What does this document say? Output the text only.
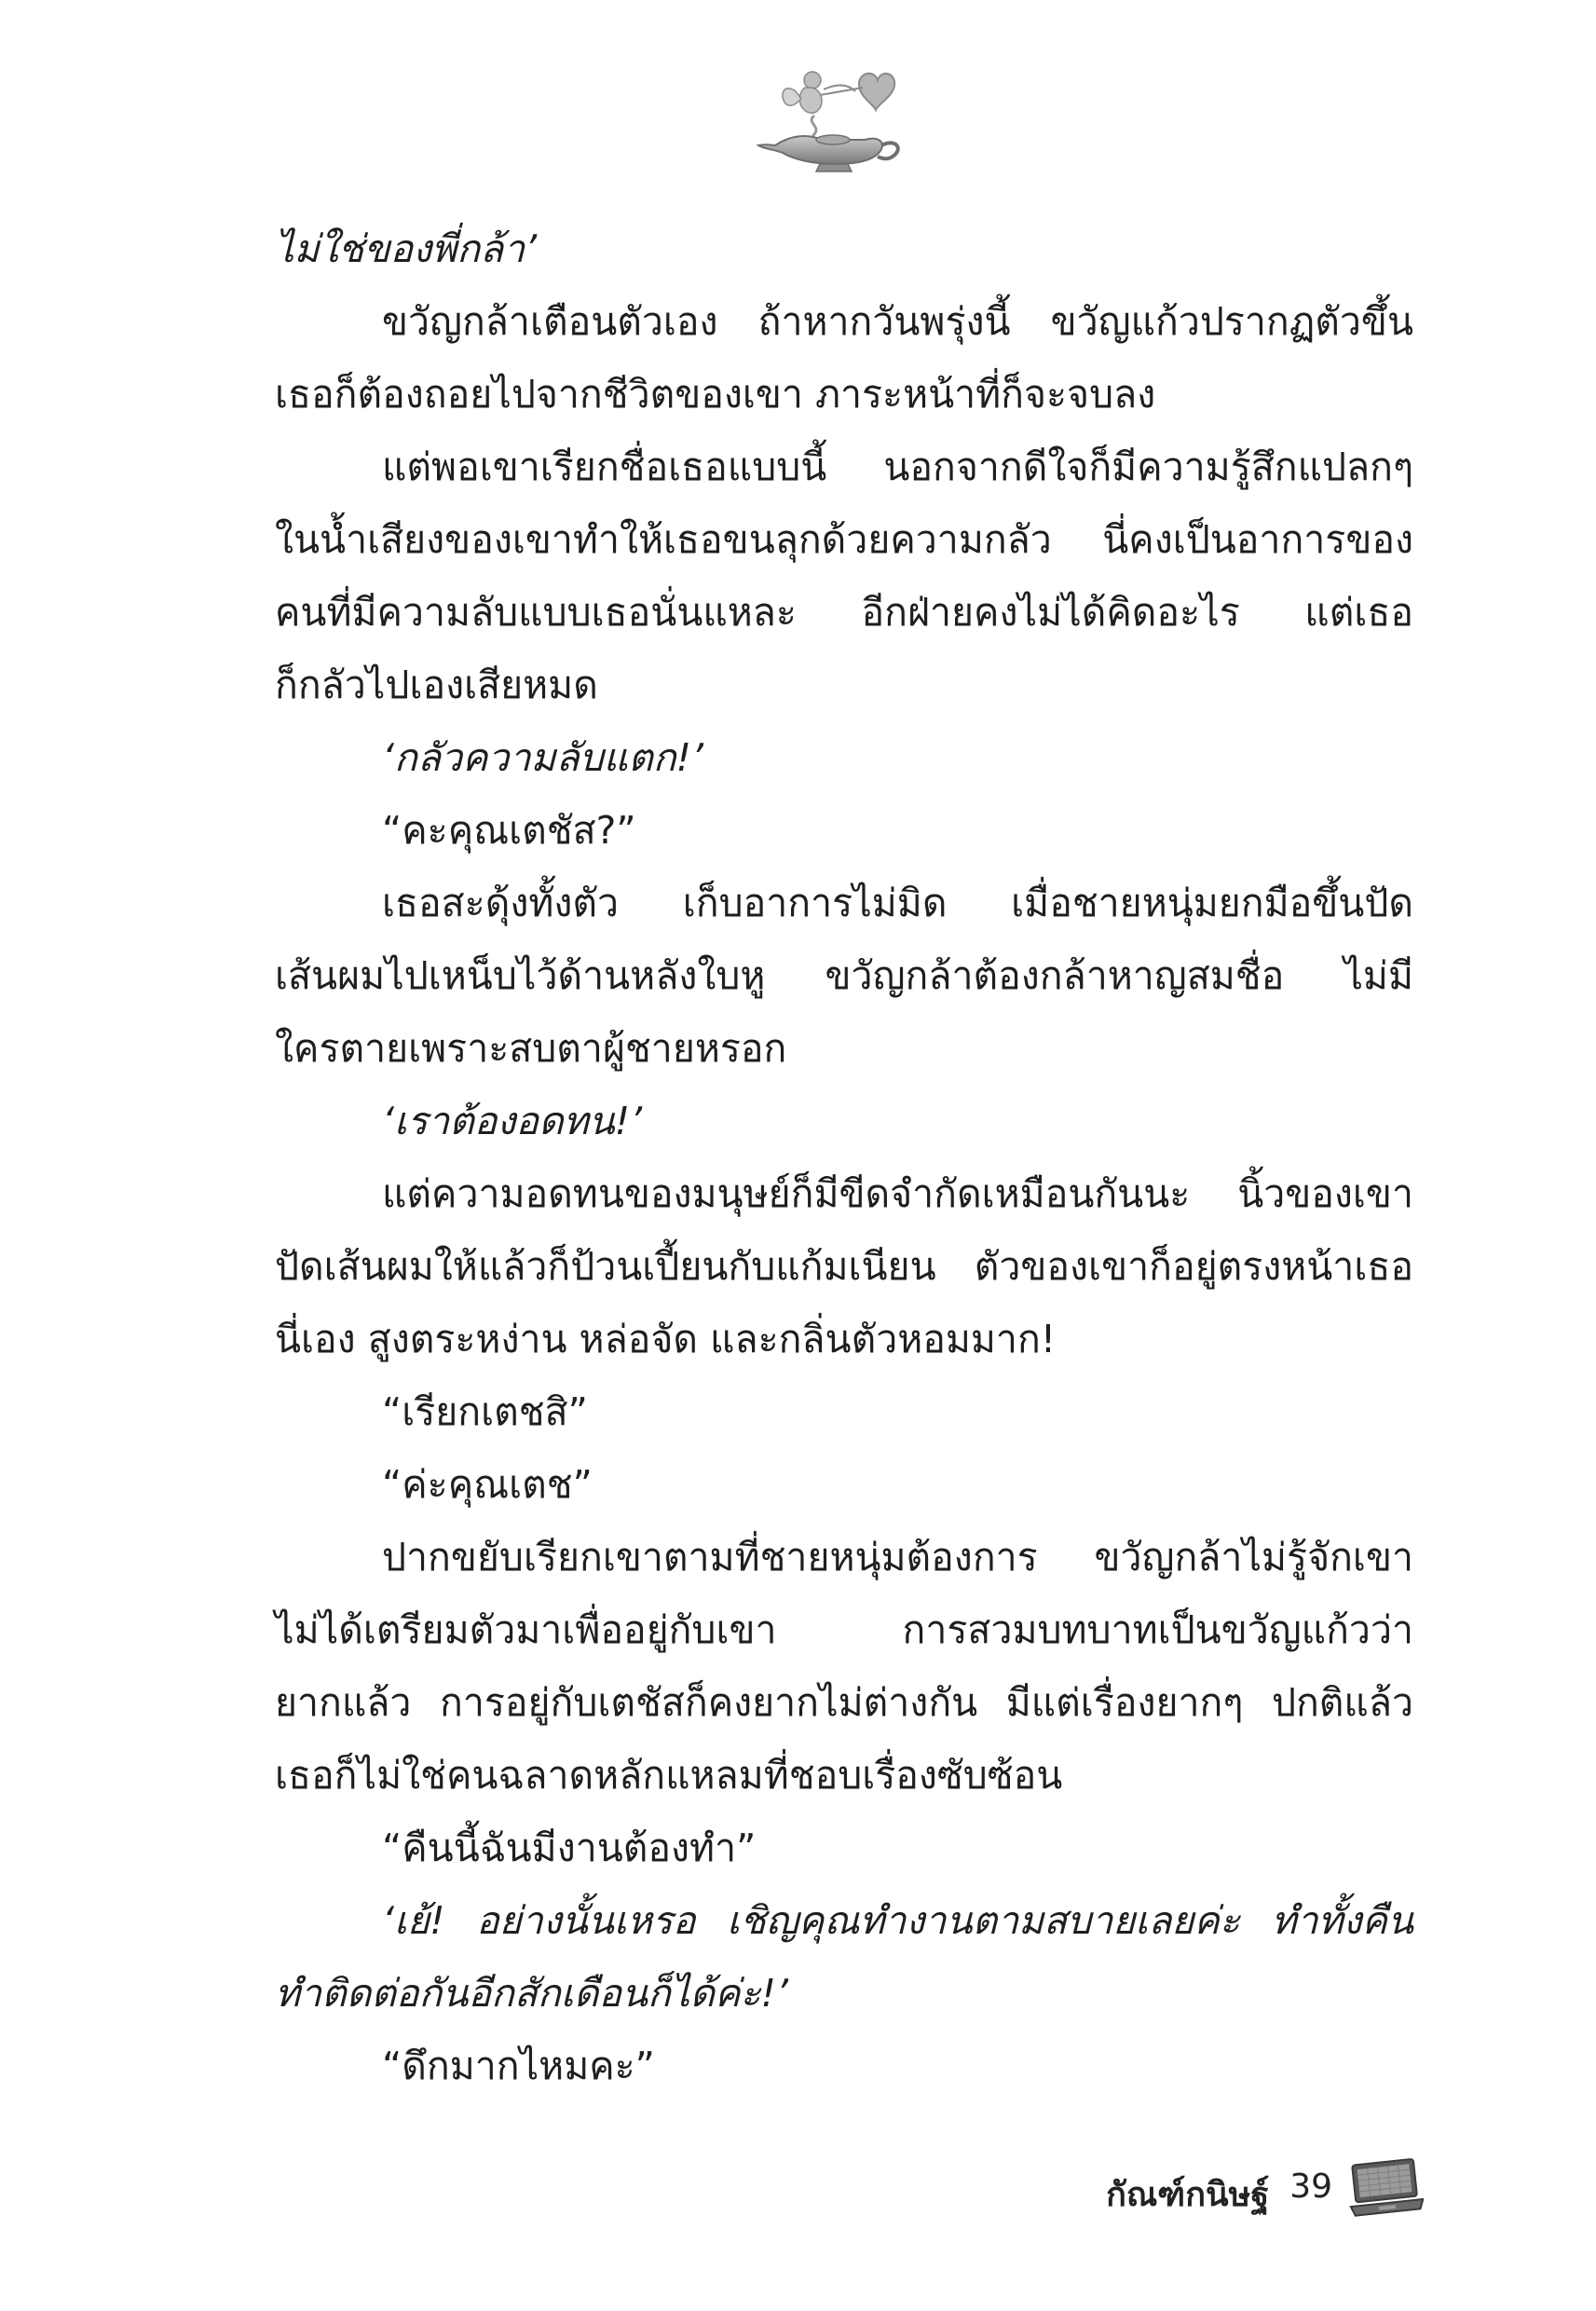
ไม่ใช่ของพี่กล้า’
ขวัญกล้าเตือนตัวเอง ถ้าหากวันพรุ่งนี้ ขวัญแก้วปรากฏตัวขึ้น
เธอก็ต้องถอยไปจากชีวิตของเขา ภาระหน้าที่ก็จะจบลง
แต่พอเขาเรียกชื่อเธอแบบนี้ นอกจากดีใจก็มีความรู้สึกแปลกๆ
ในน้ำเสียงของเขาทำให้เธอขนลุกด้วยความกลัว นี่คงเป็นอาการของ
คนที่มีความลับแบบเธอนั่นแหละ อีกฝ่ายคงไม่ได้คิดอะไร แต่เธอ
ก็กลัวไปเองเสียหมด
‘กลัวความลับแตก!’
“คะคุณเตชัส?”
เธอสะดุ้งทั้งตัว เก็บอาการไม่มิด เมื่อชายหนุ่มยกมือขึ้นปัด
เส้นผมไปเหน็บไว้ด้านหลังใบหู ขวัญกล้าต้องกล้าหาญสมชื่อ ไม่มี
ใครตายเพราะสบตาผู้ชายหรอก
‘เราต้องอดทน!’
แต่ความอดทนของมนุษย์ก็มีขีดจำกัดเหมือนกันนะ นิ้วของเขา
ปัดเส้นผมให้แล้วก็ป้วนเปี้ยนกับแก้มเนียน ตัวของเขาก็อยู่ตรงหน้าเธอ
นี่เอง สูงตระหง่าน หล่อจัด และกลิ่นตัวหอมมาก!
“เรียกเตชสิ”
“ค่ะคุณเตช”
ปากขยับเรียกเขาตามที่ชายหนุ่มต้องการ ขวัญกล้าไม่รู้จักเขา
ไม่ได้เตรียมตัวมาเพื่ออยู่กับเขา การสวมบทบาทเป็นขวัญแก้วว่า
ยากแล้ว การอยู่กับเตชัสก็คงยากไม่ต่างกัน มีแต่เรื่องยากๆ ปกติแล้ว
เธอก็ไม่ใช่คนฉลาดหลักแหลมที่ชอบเรื่องซับซ้อน
“คืนนี้ฉันมีงานต้องทำ”
‘เย้! อย่างนั้นเหรอ เชิญคุณทำงานตามสบายเลยค่ะ ทำทั้งคืน
ทำติดต่อกันอีกสักเดือนก็ได้ค่ะ!’
“ดึกมากไหมคะ”
กัณฑ์กนิษฐ์ 39
